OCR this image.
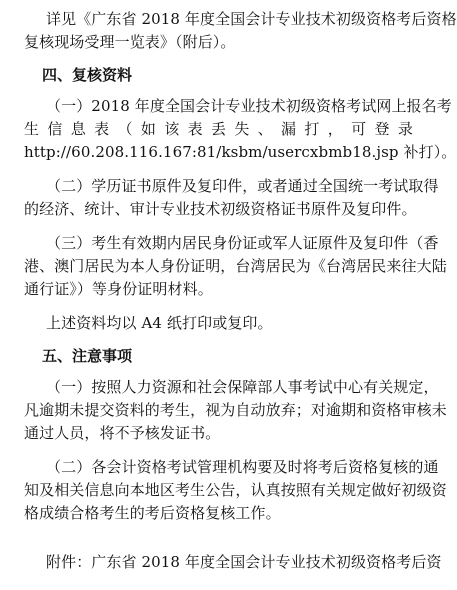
详见《广东省 2018 年度全国会计专业技术初级资格考后资格
复核现场受理一览表》（附后）。
四、复核资料
（一）2018 年度全国会计专业技术初级资格考试网上报名考
生信息表（如该表丢失、漏打，可登录
http://60.208.116.167:81/ksbm/usercxbmb18.jsp 补打）。
（二）学历证书原件及复印件，或者通过全国统一考试取得
的经济、统计、审计专业技术初级资格证书原件及复印件。
（三）考生有效期内居民身份证或军人证原件及复印件（香
港、澳门居民为本人身份证明，台湾居民为《台湾居民来往大陆
通行证》）等身份证明材料。
上述资料均以 A4 纸打印或复印。
五、注意事项
（一）按照人力资源和社会保障部人事考试中心有关规定，
凡逾期未提交资料的考生，视为自动放弃；对逾期和资格审核未
通过人员，将不予核发证书。
（二）各会计资格考试管理机构要及时将考后资格复核的通
知及相关信息向本地区考生公告，认真按照有关规定做好初级资
格成绩合格考生的考后资格复核工作。
附件：广东省 2018 年度全国会计专业技术初级资格考后资
